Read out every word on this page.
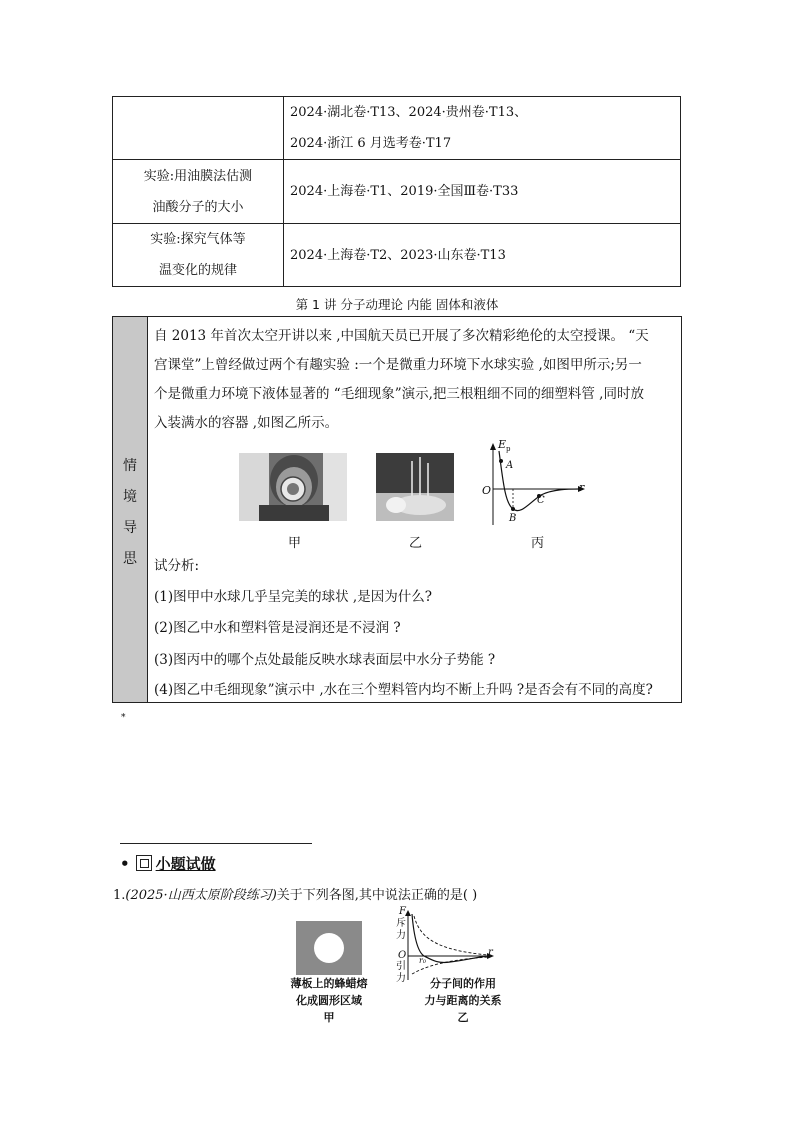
	2024·湖北卷·T13、2024·贵州卷·T13、
2024·浙江 6 月选考卷·T17

实验:用油膜法估测
油酸分子的大小	2024·上海卷·T1、2019·全国Ⅲ卷·T33

实验:探究气体等
温变化的规律	2024·上海卷·T2、2023·山东卷·T13
第 1 讲 分子动理论 内能 固体和液体
情
境
导
思
自 2013 年首次太空开讲以来 ,中国航天员已开展了多次精彩绝伦的太空授课。 “天
宫课堂”上曾经做过两个有趣实验 :一个是微重力环境下水球实验 ,如图甲所示;另一
个是微重力环境下液体显著的 “毛细现象”演示,把三根粗细不同的细塑料管 ,同时放
入装满水的容器 ,如图乙所示。
E p
r
O
A
B
C
甲	乙	丙
试分析:
(1)图甲中水球几乎呈完美的球状 ,是因为什么?
(2)图乙中水和塑料管是浸润还是不浸润 ?
(3)图丙中的哪个点处最能反映水球表面层中水分子势能 ?
(4)图乙中毛细现象”演示中 ,水在三个塑料管内均不断上升吗 ?是否会有不同的高度?
*
• 小题试做
1.(2025·山西太原阶段练习)关于下列各图,其中说法正确的是( )
薄板上的蜂蜡熔
化成圆形区域
甲
F
r
O r₀
斥
力
引
力	分子间的作用
力与距离的关系
乙
